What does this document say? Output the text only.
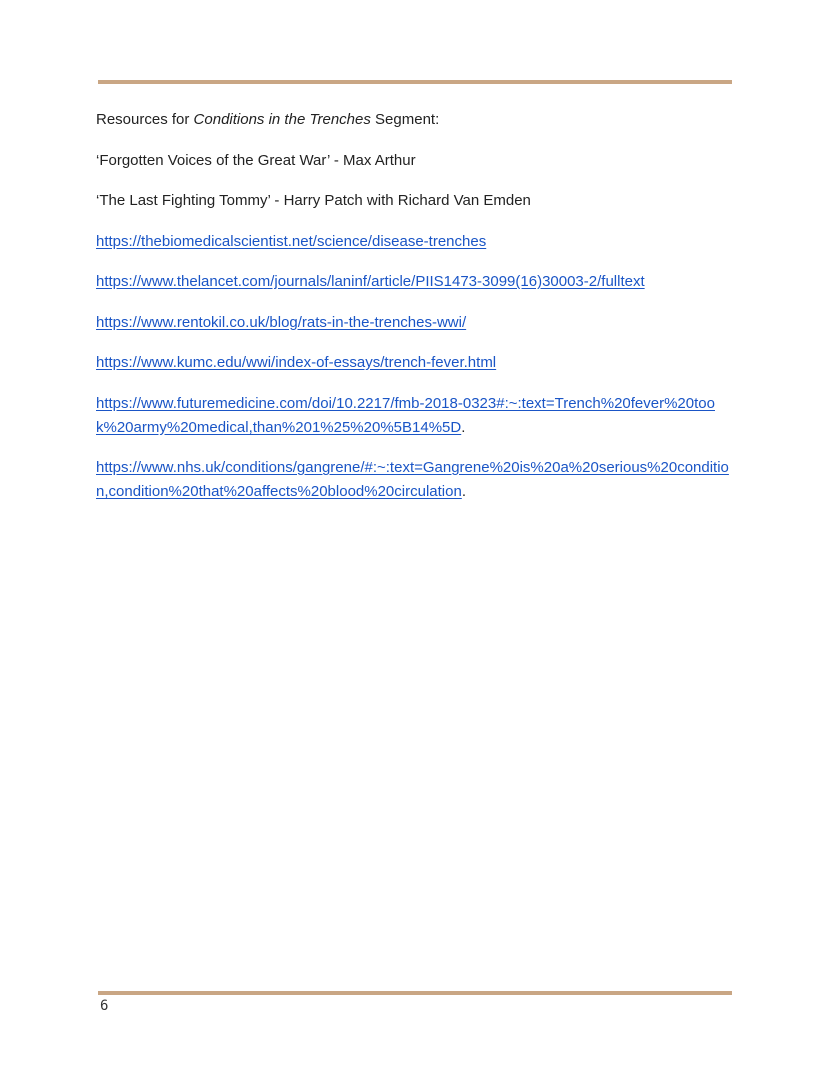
Resources for Conditions in the Trenches Segment:

‘Forgotten Voices of the Great War’ - Max Arthur

‘The Last Fighting Tommy’ - Harry Patch with Richard Van Emden

https://thebiomedicalscientist.net/science/disease-trenches

https://www.thelancet.com/journals/laninf/article/PIIS1473-3099(16)30003-2/fulltext

https://www.rentokil.co.uk/blog/rats-in-the-trenches-wwi/

https://www.kumc.edu/wwi/index-of-essays/trench-fever.html

https://www.futuremedicine.com/doi/10.2217/fmb-2018-0323#:~:text=Trench%20fever%20took%20army%20medical,than%201%25%20%5B14%5D.

https://www.nhs.uk/conditions/gangrene/#:~:text=Gangrene%20is%20a%20serious%20condition,condition%20that%20affects%20blood%20circulation.

6
